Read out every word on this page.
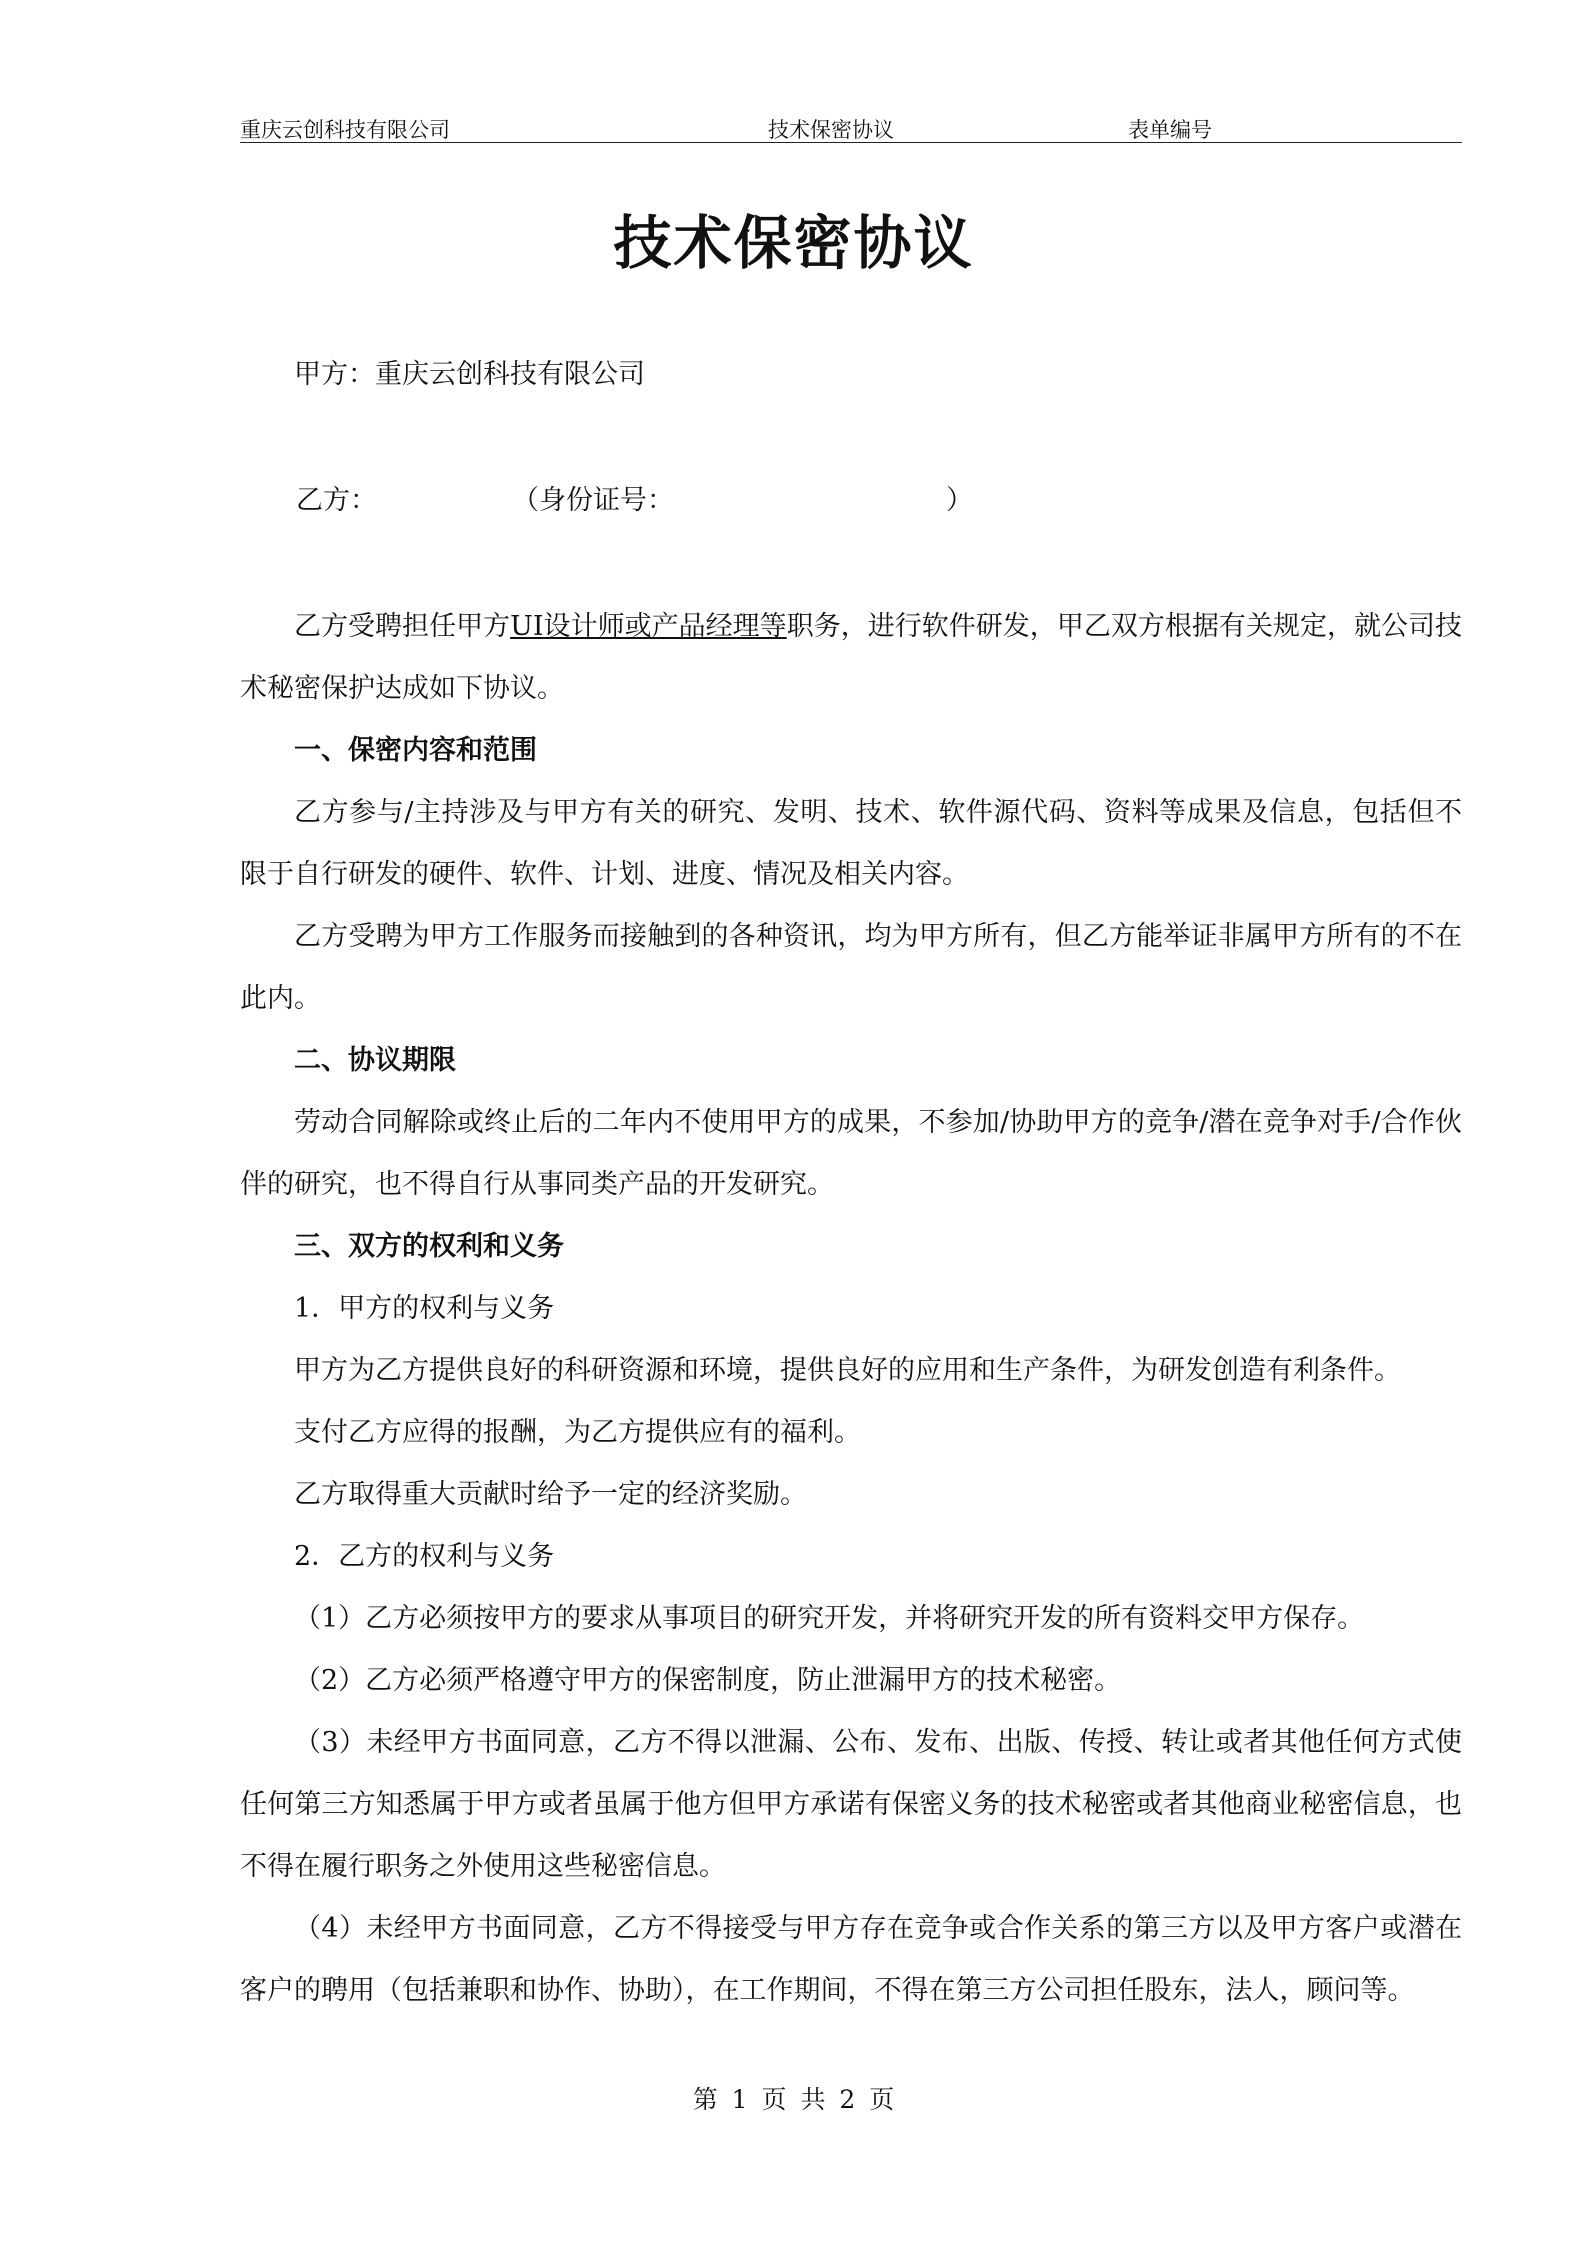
重庆云创科技有限公司	技术保密协议	表单编号
技术保密协议

甲方：重庆云创科技有限公司

乙方：	（身份证号：	）

乙方受聘担任甲方UI设计师或产品经理等职务，进行软件研发，甲乙双方根据有关规定，就公司技术秘密保护达成如下协议。

一、保密内容和范围

乙方参与/主持涉及与甲方有关的研究、发明、技术、软件源代码、资料等成果及信息，包括但不限于自行研发的硬件、软件、计划、进度、情况及相关内容。

乙方受聘为甲方工作服务而接触到的各种资讯，均为甲方所有，但乙方能举证非属甲方所有的不在此内。

二、协议期限

劳动合同解除或终止后的二年内不使用甲方的成果，不参加/协助甲方的竞争/潜在竞争对手/合作伙伴的研究，也不得自行从事同类产品的开发研究。

三、双方的权利和义务

1．甲方的权利与义务

甲方为乙方提供良好的科研资源和环境，提供良好的应用和生产条件，为研发创造有利条件。

支付乙方应得的报酬，为乙方提供应有的福利。

乙方取得重大贡献时给予一定的经济奖励。

2．乙方的权利与义务

（1）乙方必须按甲方的要求从事项目的研究开发，并将研究开发的所有资料交甲方保存。

（2）乙方必须严格遵守甲方的保密制度，防止泄漏甲方的技术秘密。

（3）未经甲方书面同意，乙方不得以泄漏、公布、发布、出版、传授、转让或者其他任何方式使任何第三方知悉属于甲方或者虽属于他方但甲方承诺有保密义务的技术秘密或者其他商业秘密信息，也不得在履行职务之外使用这些秘密信息。

（4）未经甲方书面同意，乙方不得接受与甲方存在竞争或合作关系的第三方以及甲方客户或潜在客户的聘用（包括兼职和协作、协助），在工作期间，不得在第三方公司担任股东，法人，顾问等。

第 1 页 共 2 页
